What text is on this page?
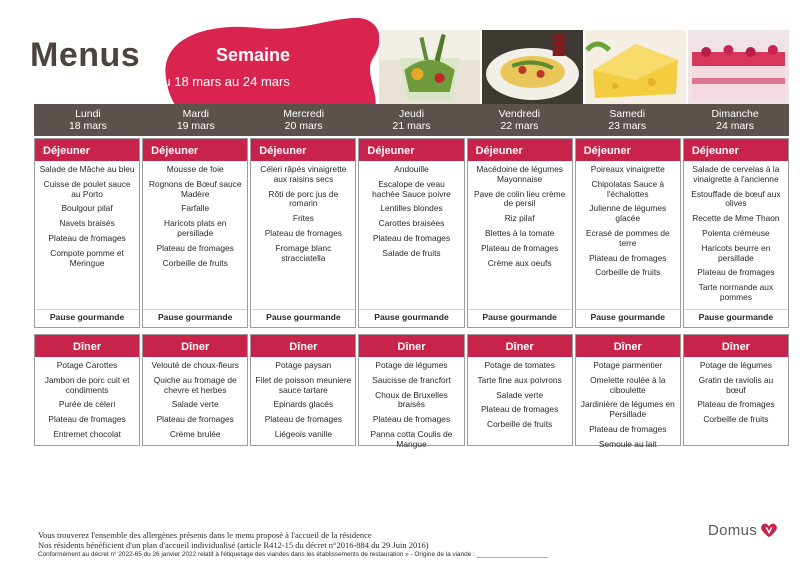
Menus	Semaine
Du 18 mars au 24 mars
Lundi
18 mars
Mardi
19 mars
Mercredi
20 mars
Jeudi
21 mars
Vendredi
22 mars
Samedi
23 mars
Dimanche
24 mars
Déjeuner
Salade de Mâche au bleu
Cuisse de poulet sauce au Porto
Boulgour pilaf
Navets braisés
Plateau de fromages
Compote pomme et Meringue
Pause gourmande
Déjeuner
Mousse de foie
Rognons de Bœuf sauce Madère
Farfalle
Haricots plats en persillade
Plateau de fromages
Corbeille de fruits
Pause gourmande
Déjeuner
Céleri râpés vinaigrette aux raisins secs
Rôti de porc jus de romarin
Frites
Plateau de fromages
Fromage blanc stracciatella
Pause gourmande
Déjeuner
Andouille
Escalope de veau hachée Sauce poivre
Lentilles blondes
Carottes braisées
Plateau de fromages
Salade de fruits
Pause gourmande
Déjeuner
Macédoine de légumes Mayonnaise
Pave de colin lieu crème de persil
Riz pilaf
Blettes à la tomate
Plateau de fromages
Crème aux oeufs
Pause gourmande
Déjeuner
Poireaux vinaigrette
Chipolatas Sauce à l'échalottes
Julienne de légumes glacée
Ecrasé de pommes de terre
Plateau de fromages
Corbeille de fruits
Pause gourmande
Déjeuner
Salade de cervelas à la vinaigrette à l'ancienne
Estouffade de bœuf aux olives
Recette de Mme Thaon
Polenta crémeuse
Haricots beurre en persillade
Plateau de fromages
Tarte normande aux pommes
Pause gourmande
Dîner
Potage Carottes
Jambon de porc cuit et condiments
Purée de céleri
Plateau de fromages
Entremet chocolat
Dîner
Velouté de choux-fleurs
Quiche au fromage de chevre et herbes
Salade verte
Plateau de fromages
Crème brulée
Dîner
Potage paysan
Filet de poisson meuniere sauce tartare
Epinards glacés
Plateau de fromages
Liégeois vanille
Dîner
Potage de légumes
Saucisse de francfort
Choux de Bruxelles braisés
Plateau de fromages
Panna cotta Coulis de Mangue
Dîner
Potage de tomates
Tarte fine aux poivrons
Salade verte
Plateau de fromages
Corbeille de fruits
Dîner
Potage parmentier
Omelette roulée à la ciboulette
Jardinière de légumes en Persillade
Plateau de fromages
Semoule au lait
Dîner
Potage de légumes
Gratin de raviolis au bœuf
Plateau de fromages
Corbeille de fruits
Vous trouverez l'ensemble des allergènes présents dans le menu proposé à l'accueil de la résidence
Nos résidents bénéficient d'un plan d'accueil individualisé (article R412-15 du décret n°2016-884 du 29 Juin 2016)
Conformément au décret n° 2022-65 du 26 janvier 2022 relatif à l'étiquetage des viandes dans les établissements de restauration » - Origine de la viande : ____________________
Domus
